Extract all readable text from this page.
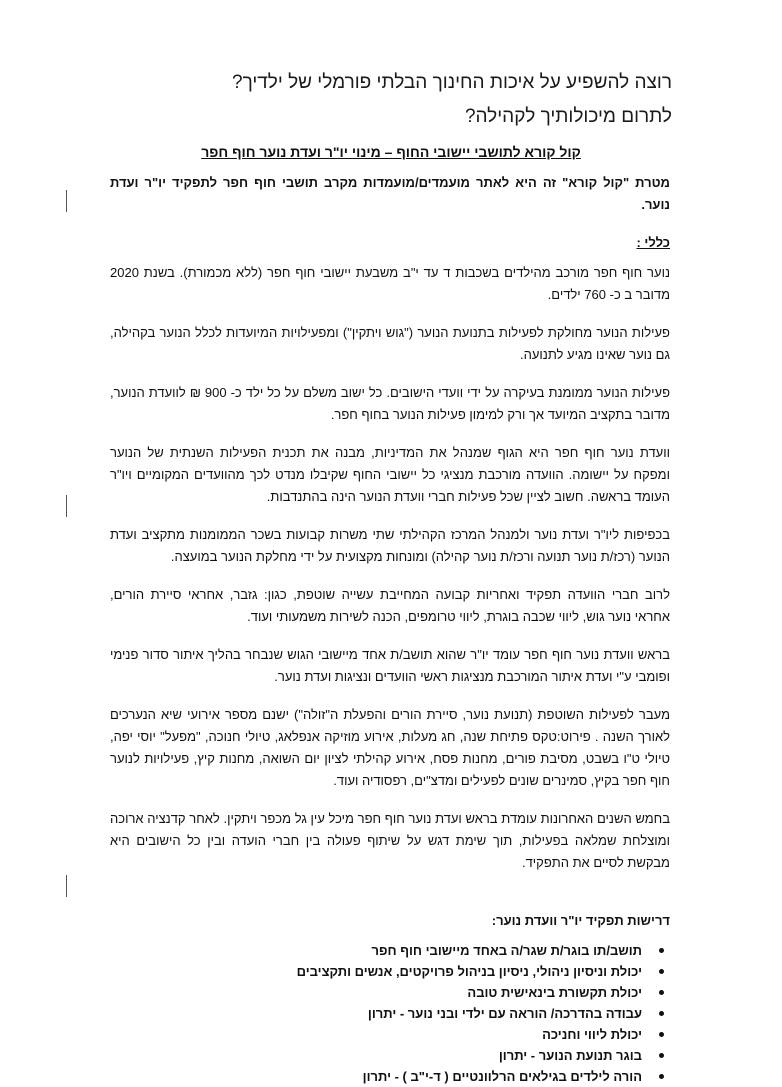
רוצה להשפיע על איכות החינוך הבלתי פורמלי של ילדיך?
לתרום מיכולותיך לקהילה?
קול קורא לתושבי יישובי החוף – מינוי יו"ר ועדת נוער חוף חפר

מטרת "קול קורא" זה היא לאתר מועמדים/מועמדות מקרב תושבי חוף חפר לתפקיד יו"ר ועדת נוער.

כללי :

נוער חוף חפר מורכב מהילדים בשכבות ד עד י"ב משבעת יישובי חוף חפר (ללא מכמורת). בשנת 2020 מדובר ב כ- 760 ילדים.

פעילות הנוער מחולקת לפעילות בתנועת הנוער ("גוש ויתקין") ומפעילויות המיועדות לכלל הנוער בקהילה, גם נוער שאינו מגיע לתנועה.

פעילות הנוער ממומנת בעיקרה על ידי וועדי הישובים. כל ישוב משלם על כל ילד כ- 900 ₪ לוועדת הנוער, מדובר בתקציב המיועד אך ורק למימון פעילות הנוער בחוף חפר.

וועדת נוער חוף חפר היא הגוף שמנהל את המדיניות, מבנה את תכנית הפעילות השנתית של הנוער ומפקח על יישומה. הוועדה מורכבת מנציגי כל יישובי החוף שקיבלו מנדט לכך מהוועדים המקומיים ויו"ר העומד בראשה. חשוב לציין שכל פעילות חברי וועדת הנוער הינה בהתנדבות.

בכפיפות ליו"ר ועדת נוער ולמנהל המרכז הקהילתי שתי משרות קבועות בשכר הממומנות מתקציב ועדת הנוער (רכז/ת נוער תנועה ורכז/ת נוער קהילה) ומונחות מקצועית על ידי מחלקת הנוער במועצה.

לרוב חברי הוועדה תפקיד ואחריות קבועה המחייבת עשייה שוטפת, כגון: גזבר, אחראי סיירת הורים, אחראי נוער גוש, ליווי שכבה בוגרת, ליווי טרומפים, הכנה לשירות משמעותי ועוד.

בראש וועדת נוער חוף חפר עומד יו"ר שהוא תושב/ת אחד מיישובי הגוש שנבחר בהליך איתור סדור פנימי ופומבי ע"י ועדת איתור המורכבת מנציגות ראשי הוועדים ונציגות ועדת נוער.

מעבר לפעילות השוטפת (תנועת נוער, סיירת הורים והפעלת ה"זולה") ישנם מספר אירועי שיא הנערכים לאורך השנה . פירוט:טקס פתיחת שנה, חג מעלות, אירוע מוזיקה אנפלאג, טיולי חנוכה, "מפעל" יוסי יפה, טיולי ט"ו בשבט, מסיבת פורים, מחנות פסח, אירוע קהילתי לציון יום השואה, מחנות קיץ, פעילויות לנוער חוף חפר בקיץ, סמינרים שונים לפעילים ומדצ"ים, רפסודיה ועוד.

בחמש השנים האחרונות עומדת בראש ועדת נוער חוף חפר מיכל עין גל מכפר ויתקין. לאחר קדנציה ארוכה ומוצלחת שמלאה בפעילות, תוך שימת דגש על שיתוף פעולה בין חברי הועדה ובין כל הישובים היא מבקשת לסיים את התפקיד.

דרישות תפקיד יו"ר וועדת נוער:
תושב/תו בוגר/ת שגר/ה באחד מיישובי חוף חפר
יכולת וניסיון ניהולי, ניסיון בניהול פרויקטים, אנשים ותקציבים
יכולת תקשורת בינאישית טובה
עבודה בהדרכה/ הוראה עם ילדי ובני נוער - יתרון
יכולת ליווי וחניכה
בוגר תנועת הנוער - יתרון
הורה לילדים בגילאים הרלוונטיים ( ד-י"ב ) - יתרון
